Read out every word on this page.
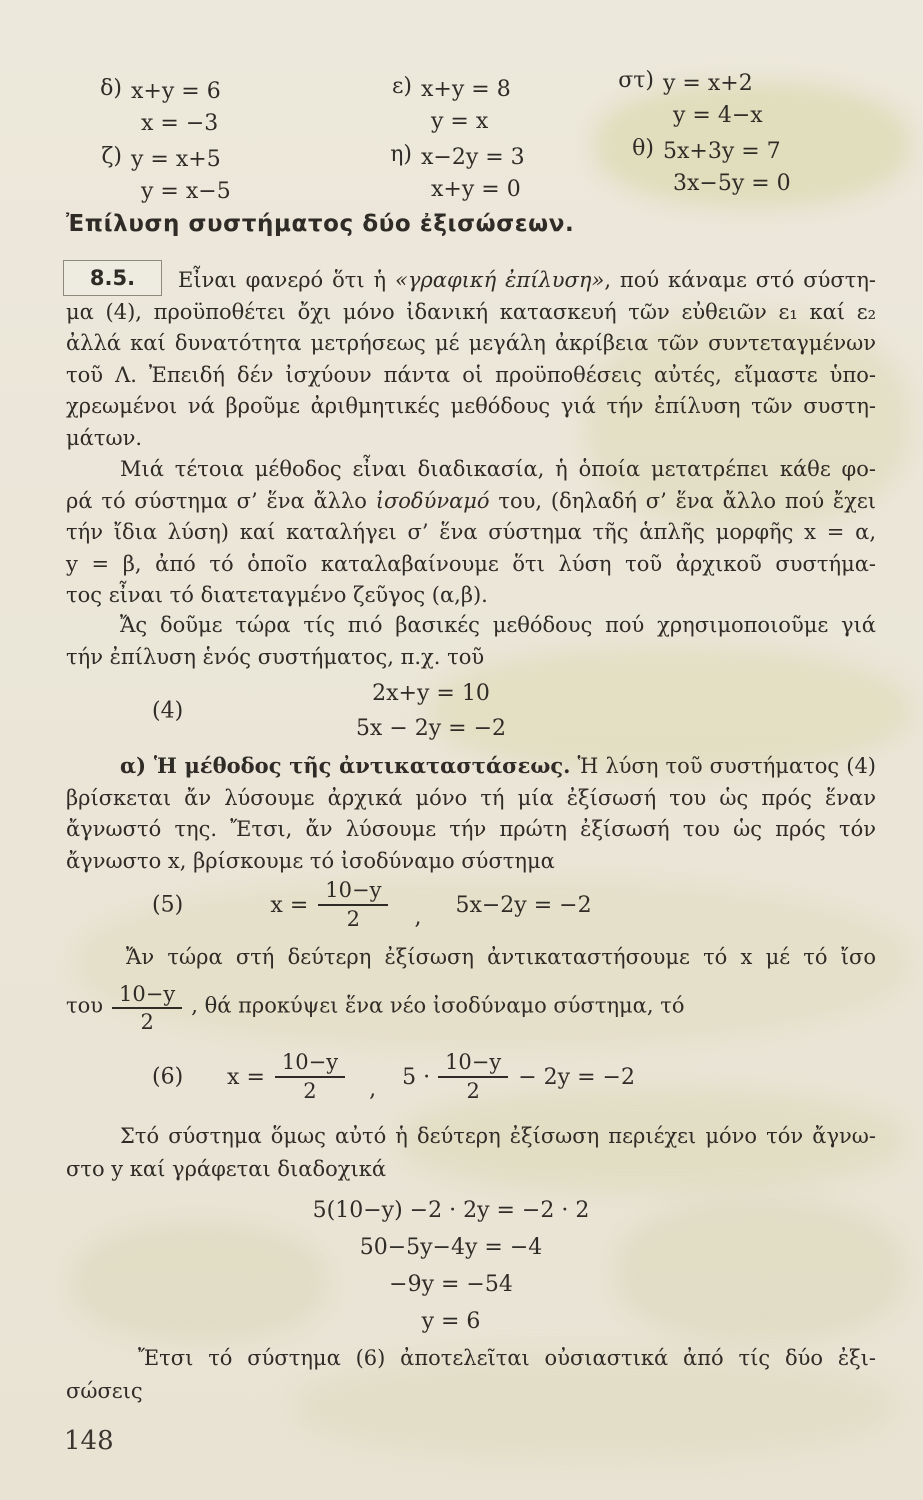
δ) x+y = 6
x = −3
ζ) y = x+5
y = x−5
ε) x+y = 8
y = x
η) x−2y = 3
x+y = 0
στ) y = x+2
y = 4−x
θ) 5x+3y = 7
3x−5y = 0
Ἐπίλυση συστήματος δύο ἐξισώσεων.
8.5.	Εἶναι φανερό ὅτι ἡ «γραφική ἐπίλυση», πού κάναμε στό σύστη-
μα (4), προϋποθέτει ὄχι μόνο ἰδανική κατασκευή τῶν εὐθειῶν ε₁ καί ε₂
ἀλλά καί δυνατότητα μετρήσεως μέ μεγάλη ἀκρίβεια τῶν συντεταγμένων
τοῦ Λ. Ἐπειδή δέν ἰσχύουν πάντα οἱ προϋποθέσεις αὐτές, εἴμαστε ὑπο-
χρεωμένοι νά βροῦμε ἀριθμητικές μεθόδους γιά τήν ἐπίλυση τῶν συστη-
μάτων.
Μιά τέτοια μέθοδος εἶναι διαδικασία, ἡ ὁποία μετατρέπει κάθε φο-
ρά τό σύστημα σ’ ἕνα ἄλλο ἰσοδύναμό του, (δηλαδή σ’ ἕνα ἄλλο πού ἔχει
τήν ἴδια λύση) καί καταλήγει σ’ ἕνα σύστημα τῆς ἁπλῆς μορφῆς x = α,
y = β, ἀπό τό ὁποῖο καταλαβαίνουμε ὅτι λύση τοῦ ἀρχικοῦ συστήμα-
τος εἶναι τό διατεταγμένο ζεῦγος (α,β).
Ἄς δοῦμε τώρα τίς πιό βασικές μεθόδους πού χρησιμοποιοῦμε γιά
τήν ἐπίλυση ἑνός συστήματος, π.χ. τοῦ
(4)
2x+y = 10
5x − 2y = −2
α) Ἡ μέθοδος τῆς ἀντικαταστάσεως. Ἡ λύση τοῦ συστήματος (4)
βρίσκεται ἄν λύσουμε ἀρχικά μόνο τή μία ἐξίσωσή του ὡς πρός ἕναν
ἄγνωστό της. Ἔτσι, ἄν λύσουμε τήν πρώτη ἐξίσωσή του ὡς πρός τόν
ἄγνωστο x, βρίσκουμε τό ἰσοδύναμο σύστημα
(5)	$x = \frac{10-y}{2}$ , 5x−2y = −2
Ἄν τώρα στή δεύτερη ἐξίσωση ἀντικαταστήσουμε τό x μέ τό ἴσο
του $\frac{10-y}{2}$ , θά προκύψει ἕνα νέο ἰσοδύναμο σύστημα, τό
(6) $x = \frac{10-y}{2}$ , $5 \cdot \frac{10-y}{2} - 2y = -2$
Στό σύστημα ὅμως αὐτό ἡ δεύτερη ἐξίσωση περιέχει μόνο τόν ἄγνω-
στο y καί γράφεται διαδοχικά
5(10−y) −2 · 2y = −2 · 2
50−5y−4y = −4
−9y = −54
y = 6
Ἔτσι τό σύστημα (6) ἀποτελεῖται οὐσιαστικά ἀπό τίς δύο ἐξι-
σώσεις
148
